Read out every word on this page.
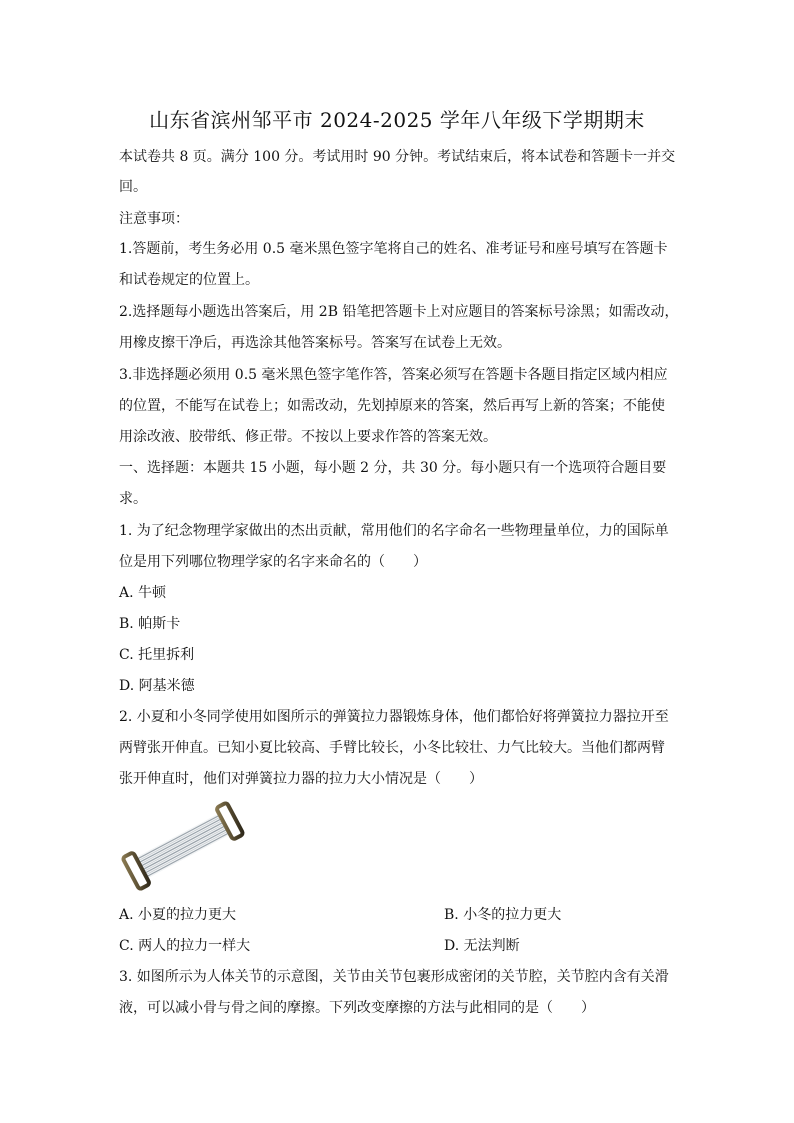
山东省滨州邹平市 2024-2025 学年八年级下学期期末
本试卷共 8 页。满分 100 分。考试用时 90 分钟。考试结束后，将本试卷和答题卡一并交
回。
注意事项：
1.答题前，考生务必用 0.5 毫米黑色签字笔将自己的姓名、准考证号和座号填写在答题卡
和试卷规定的位置上。
2.选择题每小题选出答案后，用 2B 铅笔把答题卡上对应题目的答案标号涂黑；如需改动，
用橡皮擦干净后，再选涂其他答案标号。答案写在试卷上无效。
3.非选择题必须用 0.5 毫米黑色签字笔作答，答案必须写在答题卡各题目指定区域内相应
的位置，不能写在试卷上；如需改动，先划掉原来的答案，然后再写上新的答案；不能使
用涂改液、胶带纸、修正带。不按以上要求作答的答案无效。
一、选择题：本题共 15 小题，每小题 2 分，共 30 分。每小题只有一个选项符合题目要
求。
1. 为了纪念物理学家做出的杰出贡献，常用他们的名字命名一些物理量单位，力的国际单
位是用下列哪位物理学家的名字来命名的（　　）
A. 牛顿
B. 帕斯卡
C. 托里拆利
D. 阿基米德
2. 小夏和小冬同学使用如图所示的弹簧拉力器锻炼身体，他们都恰好将弹簧拉力器拉开至
两臂张开伸直。已知小夏比较高、手臂比较长，小冬比较壮、力气比较大。当他们都两臂
张开伸直时，他们对弹簧拉力器的拉力大小情况是（　　）
A. 小夏的拉力更大	B. 小冬的拉力更大
C. 两人的拉力一样大	D. 无法判断
3. 如图所示为人体关节的示意图，关节由关节包裹形成密闭的关节腔，关节腔内含有关滑
液，可以减小骨与骨之间的摩擦。下列改变摩擦的方法与此相同的是（　　）
